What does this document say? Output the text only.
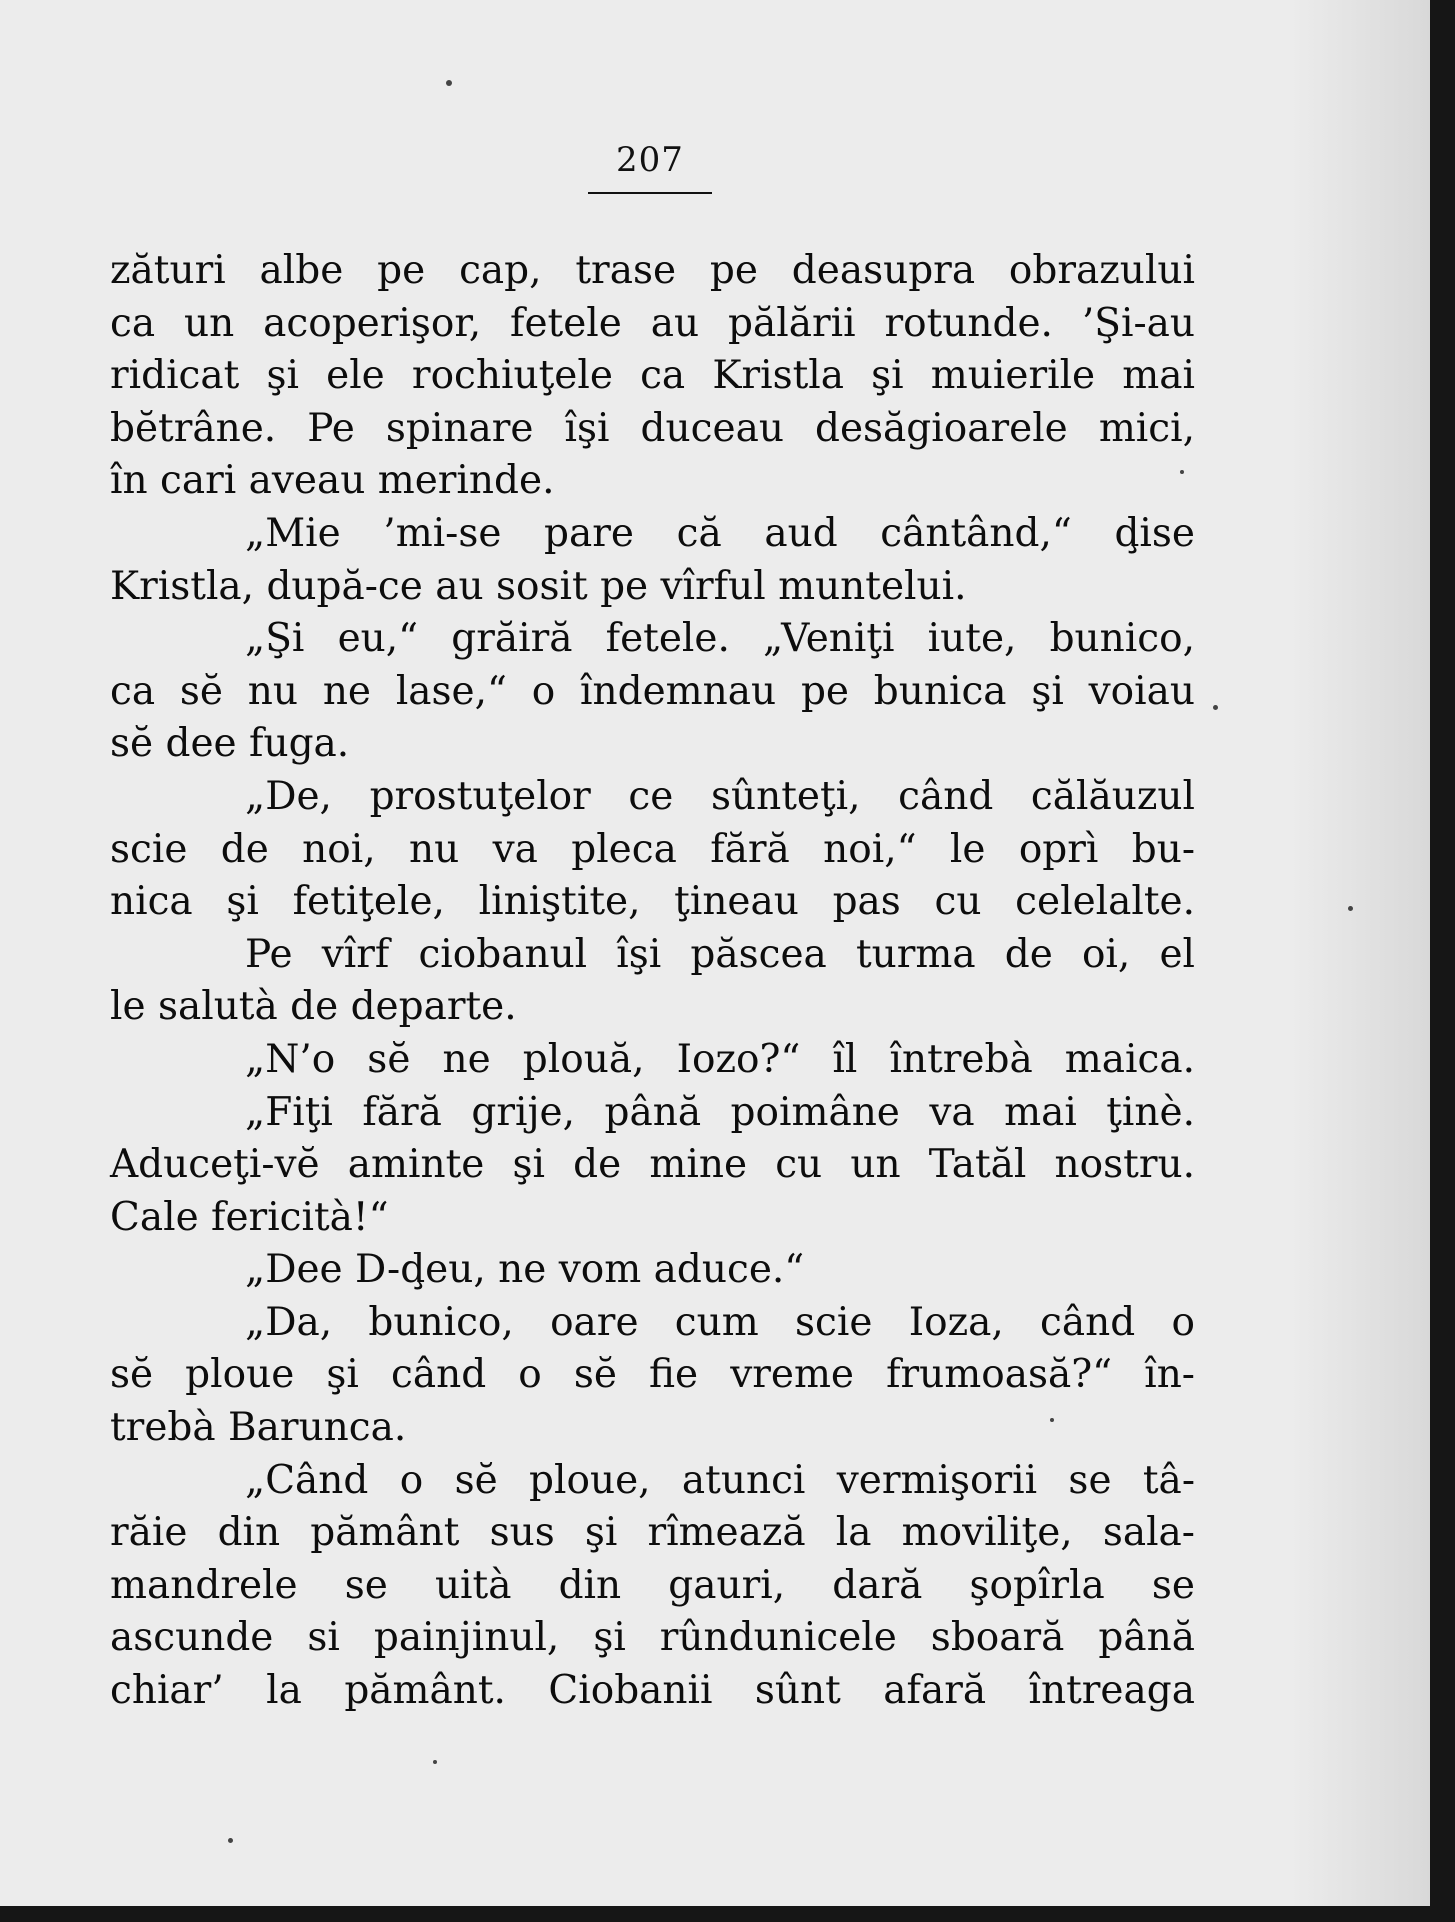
207
zături albe pe cap, trase pe deasupra obrazului
ca un acoperişor, fetele au pălării rotunde. ’Şi-au
ridicat şi ele rochiuţele ca Kristla şi muierile mai
bĕtrâne. Pe spinare îşi duceau desăgioarele mici,
în cari aveau merinde.
„Mie ’mi-se pare că aud cântând,“ ḑise
Kristla, după-ce au sosit pe vîrful muntelui.
„Şi eu,“ grăiră fetele. „Veniţi iute, bunico,
ca sĕ nu ne lase,“ o îndemnau pe bunica şi voiau
sĕ dee fuga.
„De, prostuţelor ce sûnteţi, când călăuzul
scie de noi, nu va pleca fără noi,“ le oprì bu-
nica şi fetiţele, liniştite, ţineau pas cu celelalte.
Pe vîrf ciobanul îşi păscea turma de oi, el
le salutà de departe.
„N’o sĕ ne plouă, Iozo?“ îl întrebà maica.
„Fiţi fără grije, până poimâne va mai ţinè.
Aduceţi-vĕ aminte şi de mine cu un Tatăl nostru.
Cale fericità!“
„Dee D-ḑeu, ne vom aduce.“
„Da, bunico, oare cum scie Ioza, când o
sĕ ploue şi când o sĕ fie vreme frumoasă?“ în-
trebà Barunca.
„Când o sĕ ploue, atunci vermişorii se tâ-
răie din pământ sus şi rîmează la moviliţe, sala-
mandrele se uità din gauri, dară şopîrla se
ascunde si painjinul, şi rûndunicele sboară până
chiar’ la pământ. Ciobanii sûnt afară întreaga
